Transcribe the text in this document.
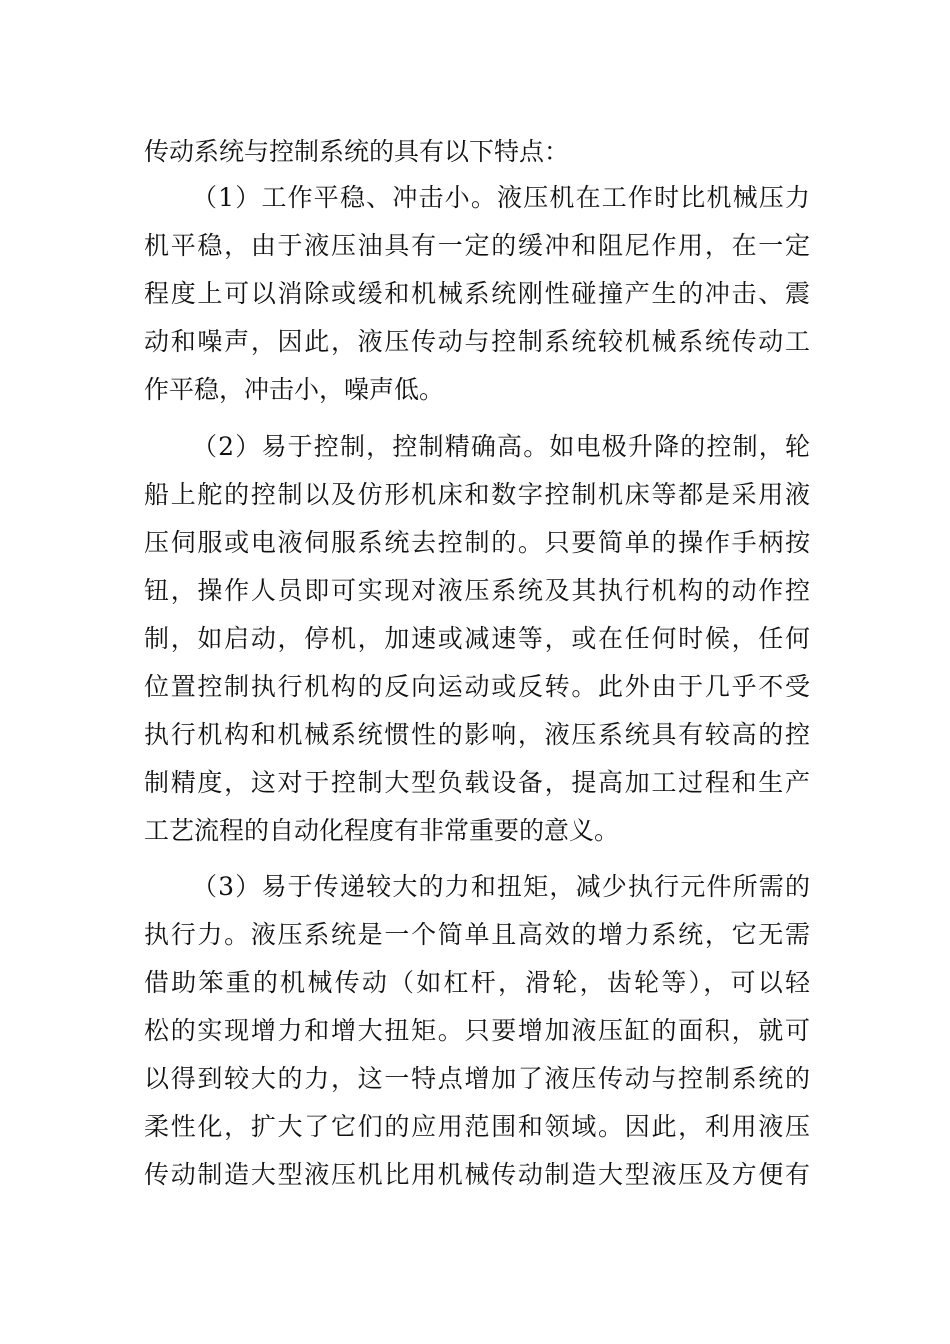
传动系统与控制系统的具有以下特点：
（1）工作平稳、冲击小。液压机在工作时比机械压力
机平稳，由于液压油具有一定的缓冲和阻尼作用，在一定
程度上可以消除或缓和机械系统刚性碰撞产生的冲击、震
动和噪声，因此，液压传动与控制系统较机械系统传动工
作平稳，冲击小，噪声低。
（2）易于控制，控制精确高。如电极升降的控制，轮
船上舵的控制以及仿形机床和数字控制机床等都是采用液
压伺服或电液伺服系统去控制的。只要简单的操作手柄按
钮，操作人员即可实现对液压系统及其执行机构的动作控
制，如启动，停机，加速或减速等，或在任何时候，任何
位置控制执行机构的反向运动或反转。此外由于几乎不受
执行机构和机械系统惯性的影响，液压系统具有较高的控
制精度，这对于控制大型负载设备，提高加工过程和生产
工艺流程的自动化程度有非常重要的意义。
（3）易于传递较大的力和扭矩，减少执行元件所需的
执行力。液压系统是一个简单且高效的增力系统，它无需
借助笨重的机械传动（如杠杆，滑轮，齿轮等），可以轻
松的实现增力和增大扭矩。只要增加液压缸的面积，就可
以得到较大的力，这一特点增加了液压传动与控制系统的
柔性化，扩大了它们的应用范围和领域。因此，利用液压
传动制造大型液压机比用机械传动制造大型液压及方便有
